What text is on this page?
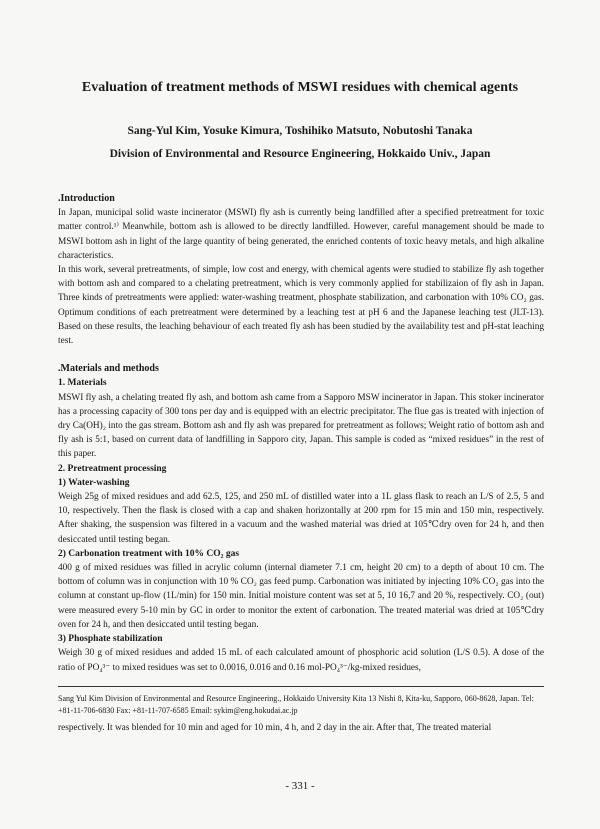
Evaluation of treatment methods of MSWI residues with chemical agents
Sang-Yul Kim, Yosuke Kimura, Toshihiko Matsuto, Nobutoshi Tanaka
Division of Environmental and Resource Engineering, Hokkaido Univ., Japan
.Introduction

In Japan, municipal solid waste incinerator (MSWI) fly ash is currently being landfilled after a specified pretreatment for toxic matter control.¹⁾ Meanwhile, bottom ash is allowed to be directly landfilled. However, careful management should be made to MSWI bottom ash in light of the large quantity of being generated, the enriched contents of toxic heavy metals, and high alkaline characteristics.

In this work, several pretreatments, of simple, low cost and energy, with chemical agents were studied to stabilize fly ash together with bottom ash and compared to a chelating pretreatment, which is very commonly applied for stabilizaion of fly ash in Japan. Three kinds of pretreatments were applied: water-washing treatment, phosphate stabilization, and carbonation with 10% CO₂ gas. Optimum conditions of each pretreatment were determined by a leaching test at pH 6 and the Japanese leaching test (JLT-13). Based on these results, the leaching behaviour of each treated fly ash has been studied by the availability test and pH-stat leaching test.

.Materials and methods
1. Materials

MSWI fly ash, a chelating treated fly ash, and bottom ash came from a Sapporo MSW incinerator in Japan. This stoker incinerator has a processing capacity of 300 tons per day and is equipped with an electric precipitator. The flue gas is treated with injection of dry Ca(OH)₂ into the gas stream. Bottom ash and fly ash was prepared for pretreatment as follows; Weight ratio of bottom ash and fly ash is 5:1, based on current data of landfilling in Sapporo city, Japan. This sample is coded as “mixed residues” in the rest of this paper.

2. Pretreatment processing
1) Water-washing

Weigh 25g of mixed residues and add 62.5, 125, and 250 mL of distilled water into a 1L glass flask to reach an L/S of 2.5, 5 and 10, respectively. Then the flask is closed with a cap and shaken horizontally at 200 rpm for 15 min and 150 min, respectively. After shaking, the suspension was filtered in a vacuum and the washed material was dried at 105℃dry oven for 24 h, and then desiccated until testing began.

2) Carbonation treatment with 10% CO₂ gas

400 g of mixed residues was filled in acrylic column (internal diameter 7.1 cm, height 20 cm) to a depth of about 10 cm. The bottom of column was in conjunction with 10 % CO₂ gas feed pump. Carbonation was initiated by injecting 10% CO₂ gas into the column at constant up-flow (1L/min) for 150 min. Initial moisture content was set at 5, 10 16,7 and 20 %, respectively. CO₂ (out) were measured every 5-10 min by GC in order to monitor the extent of carbonation. The treated material was dried at 105℃dry oven for 24 h, and then desiccated until testing began.

3) Phosphate stabilization

Weigh 30 g of mixed residues and added 15 mL of each calculated amount of phosphoric acid solution (L/S 0.5). A dose of the ratio of PO₄³⁻ to mixed residues was set to 0.0016, 0.016 and 0.16 mol-PO₄³⁻/kg-mixed residues,

Sang Yul Kim Division of Environmental and Resource Engineering., Hokkaido University Kita 13 Nishi 8, Kita-ku, Sapporo, 060-8628, Japan. Tel: +81-11-706-6830 Fax: +81-11-707-6585 Email: sykim@eng.hokudai.ac.jp
respectively. It was blended for 10 min and aged for 10 min, 4 h, and 2 day in the air. After that, The treated material
- 331 -
